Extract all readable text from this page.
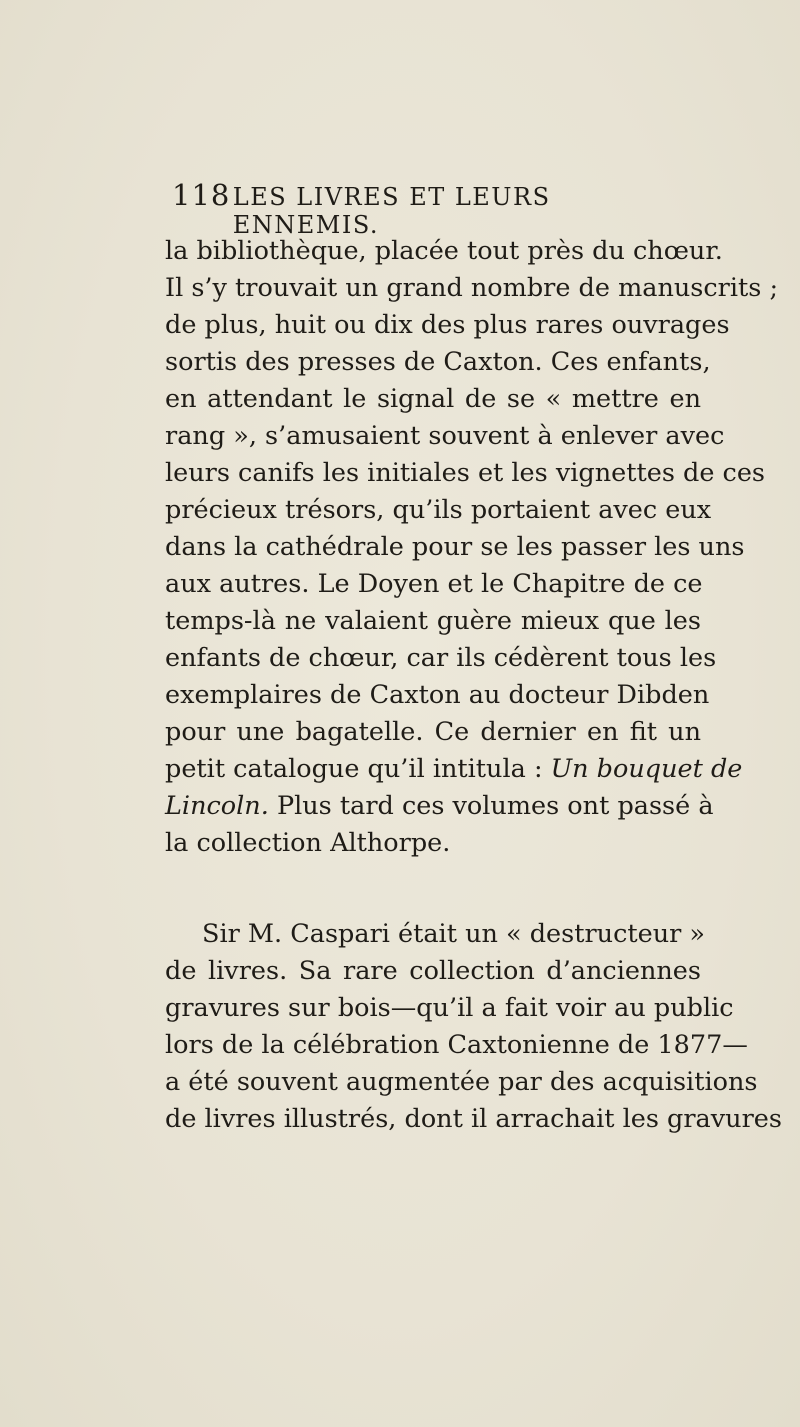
118 LES LIVRES ET LEURS ENNEMIS.
la bibliothèque, placée tout près du chœur.
Il s’y trouvait un grand nombre de manuscrits ;
de plus, huit ou dix des plus rares ouvrages
sortis des presses de Caxton. Ces enfants,
en attendant le signal de se « mettre en
rang », s’amusaient souvent à enlever avec
leurs canifs les initiales et les vignettes de ces
précieux trésors, qu’ils portaient avec eux
dans la cathédrale pour se les passer les uns
aux autres. Le Doyen et le Chapitre de ce
temps-là ne valaient guère mieux que les
enfants de chœur, car ils cédèrent tous les
exemplaires de Caxton au docteur Dibden
pour une bagatelle. Ce dernier en fit un
petit catalogue qu’il intitula : Un bouquet de
Lincoln. Plus tard ces volumes ont passé à
la collection Althorpe.
Sir M. Caspari était un « destructeur »
de livres. Sa rare collection d’anciennes
gravures sur bois—qu’il a fait voir au public
lors de la célébration Caxtonienne de 1877—
a été souvent augmentée par des acquisitions
de livres illustrés, dont il arrachait les gravures
